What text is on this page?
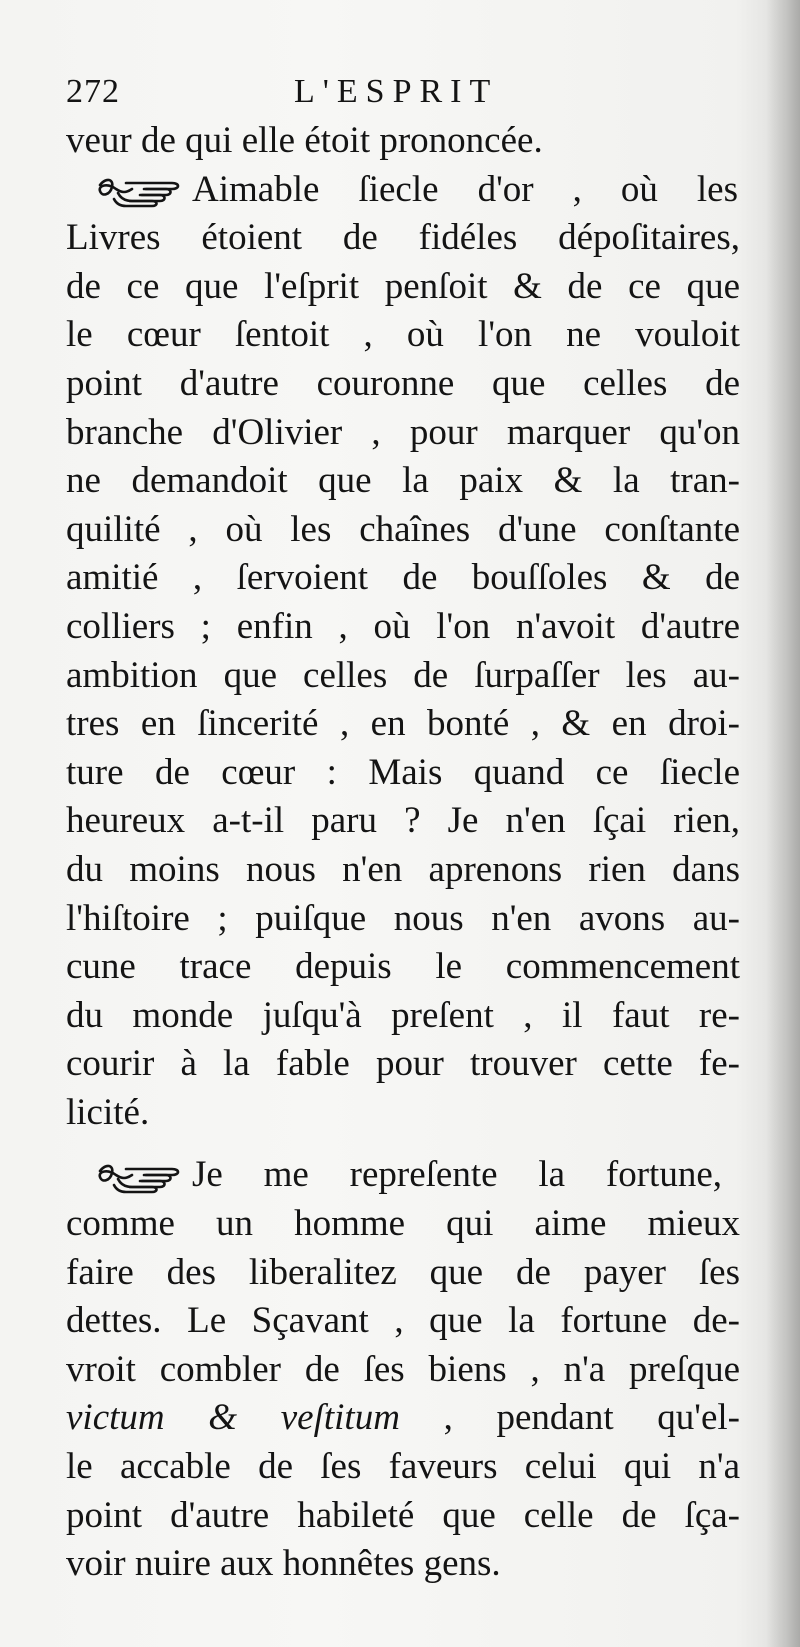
272	L'ESPRIT
veur de qui elle étoit prononcée.
Aimable ſiecle d'or , où les
Livres étoient de fidéles dépoſitaires,
de ce que l'eſprit penſoit & de ce que
le cœur ſentoit , où l'on ne vouloit
point d'autre couronne que celles de
branche d'Olivier , pour marquer qu'on
ne demandoit que la paix & la tran-
quilité , où les chaînes d'une conſtante
amitié , ſervoient de bouſſoles & de
colliers ; enfin , où l'on n'avoit d'autre
ambition que celles de ſurpaſſer les au-
tres en ſincerité , en bonté , & en droi-
ture de cœur : Mais quand ce ſiecle
heureux a-t-il paru ? Je n'en ſçai rien,
du moins nous n'en aprenons rien dans
l'hiſtoire ; puiſque nous n'en avons au-
cune trace depuis le commencement
du monde juſqu'à preſent , il faut re-
courir à la fable pour trouver cette fe-
licité.
Je me repreſente la fortune,
comme un homme qui aime mieux
faire des liberalitez que de payer ſes
dettes. Le Sçavant , que la fortune de-
vroit combler de ſes biens , n'a preſque
victum & veſtitum , pendant qu'el-
le accable de ſes faveurs celui qui n'a
point d'autre habileté que celle de ſça-
voir nuire aux honnêtes gens.
